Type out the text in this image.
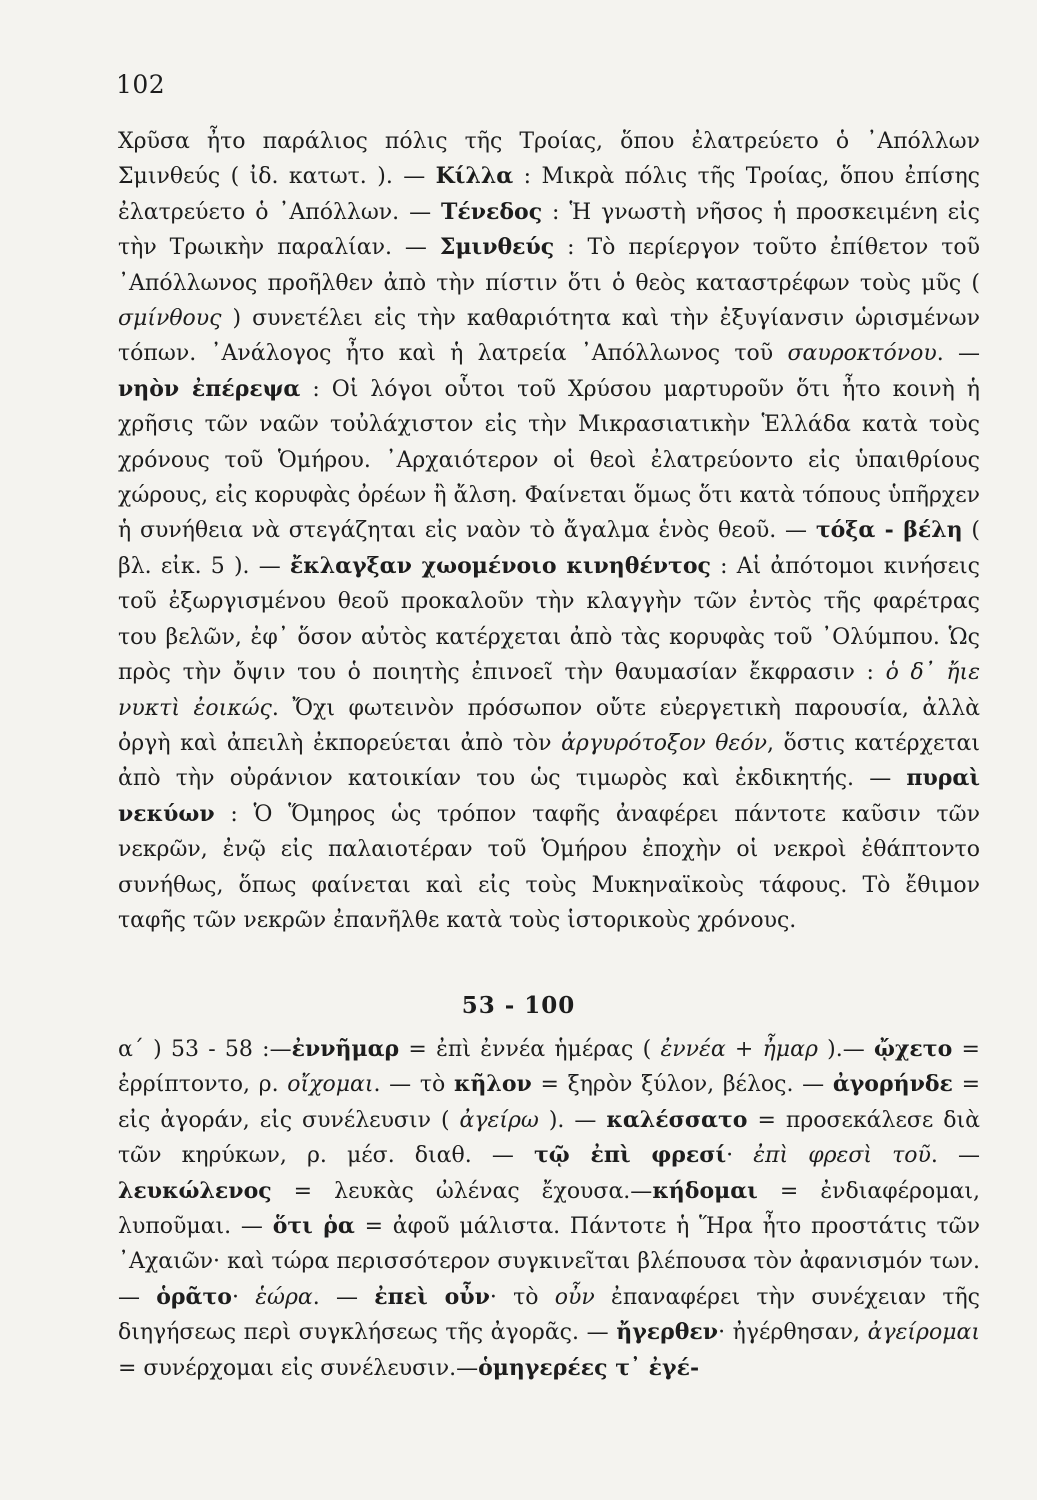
102

Χρῦσα ἦτο παράλιος πόλις τῆς Τροίας, ὅπου ἐλατρεύετο ὁ ᾿Απόλλων Σμινθεύς ( ἰδ. κατωτ. ). — Κίλλα : Μικρὰ πόλις τῆς Τροίας, ὅπου ἐπίσης ἐλατρεύετο ὁ ᾿Απόλλων. — Τένεδος : Ἡ γνωστὴ νῆσος ἡ προσκειμένη εἰς τὴν Τρωικὴν παραλίαν. — Σμινθεύς : Τὸ περίεργον τοῦτο ἐπίθετον τοῦ ᾿Απόλλωνος προῆλθεν ἀπὸ τὴν πίστιν ὅτι ὁ θεὸς καταστρέφων τοὺς μῦς ( σμίνθους ) συνετέλει εἰς τὴν καθαριότητα καὶ τὴν ἐξυγίανσιν ὡρισμένων τόπων. ᾿Ανάλογος ἦτο καὶ ἡ λατρεία ᾿Απόλλωνος τοῦ σαυροκτόνου. — νηὸν ἐπέρεψα : Οἱ λόγοι οὗτοι τοῦ Χρύσου μαρτυροῦν ὅτι ἦτο κοινὴ ἡ χρῆσις τῶν ναῶν τοὐλάχιστον εἰς τὴν Μικρασιατικὴν Ἑλλάδα κατὰ τοὺς χρόνους τοῦ Ὁμήρου. ᾿Αρχαιότερον οἱ θεοὶ ἐλατρεύοντο εἰς ὑπαιθρίους χώρους, εἰς κορυφὰς ὀρέων ἢ ἄλση. Φαίνεται ὅμως ὅτι κατὰ τόπους ὑπῆρχεν ἡ συνήθεια νὰ στεγάζηται εἰς ναὸν τὸ ἄγαλμα ἑνὸς θεοῦ. — τόξα - βέλη ( βλ. εἰκ. 5 ). — ἔκλαγξαν χωομένοιο κινηθέντος : Αἱ ἀπότομοι κινήσεις τοῦ ἐξωργισμένου θεοῦ προκαλοῦν τὴν κλαγγὴν τῶν ἐντὸς τῆς φαρέτρας του βελῶν, ἐφ᾿ ὅσον αὐτὸς κατέρχεται ἀπὸ τὰς κορυφὰς τοῦ ᾿Ολύμπου. Ὡς πρὸς τὴν ὄψιν του ὁ ποιητὴς ἐπινοεῖ τὴν θαυμασίαν ἔκφρασιν : ὁ δ᾿ ἤιε νυκτὶ ἐοικώς. Ὄχι φωτεινὸν πρόσωπον οὔτε εὐεργετικὴ παρουσία, ἀλλὰ ὀργὴ καὶ ἀπειλὴ ἐκπορεύεται ἀπὸ τὸν ἀργυρότοξον θεόν, ὅστις κατέρχεται ἀπὸ τὴν οὐράνιον κατοικίαν του ὡς τιμωρὸς καὶ ἐκδικητής. — πυραὶ νεκύων : Ὁ Ὅμηρος ὡς τρόπον ταφῆς ἀναφέρει πάντοτε καῦσιν τῶν νεκρῶν, ἐνῷ εἰς παλαιοτέραν τοῦ Ὁμήρου ἐποχὴν οἱ νεκροὶ ἐθάπτοντο συνήθως, ὅπως φαίνεται καὶ εἰς τοὺς Μυκηναϊκοὺς τάφους. Τὸ ἔθιμον ταφῆς τῶν νεκρῶν ἐπανῆλθε κατὰ τοὺς ἱστορικοὺς χρόνους.

53 - 100

α´ ) 53 - 58 :—ἐννῆμαρ = ἐπὶ ἐννέα ἡμέρας ( ἐννέα + ἦμαρ ).— ᾤχετο = ἐρρίπτοντο, ρ. οἴχομαι. — τὸ κῆλον = ξηρὸν ξύλον, βέλος. — ἀγορήνδε = εἰς ἀγοράν, εἰς συνέλευσιν ( ἀγείρω ). — καλέσσατο = προσεκάλεσε διὰ τῶν κηρύκων, ρ. μέσ. διαθ. — τῷ ἐπὶ φρεσί· ἐπὶ φρεσὶ τοῦ. — λευκώλενος = λευκὰς ὠλένας ἔχουσα.—κήδομαι = ἐνδιαφέρομαι, λυποῦμαι. — ὅτι ῥα = ἀφοῦ μάλιστα. Πάντοτε ἡ Ἥρα ἦτο προστάτις τῶν ᾿Αχαιῶν· καὶ τώρα περισσότερον συγκινεῖται βλέπουσα τὸν ἀφανισμόν των. — ὁρᾶτο· ἑώρα. — ἐπεὶ οὖν· τὸ οὖν ἐπαναφέρει τὴν συνέχειαν τῆς διηγήσεως περὶ συγκλήσεως τῆς ἀγορᾶς. — ἤγερθεν· ἠγέρθησαν, ἀγείρομαι = συνέρχομαι εἰς συνέλευσιν.—ὁμηγερέες τ᾿ ἐγέ-
